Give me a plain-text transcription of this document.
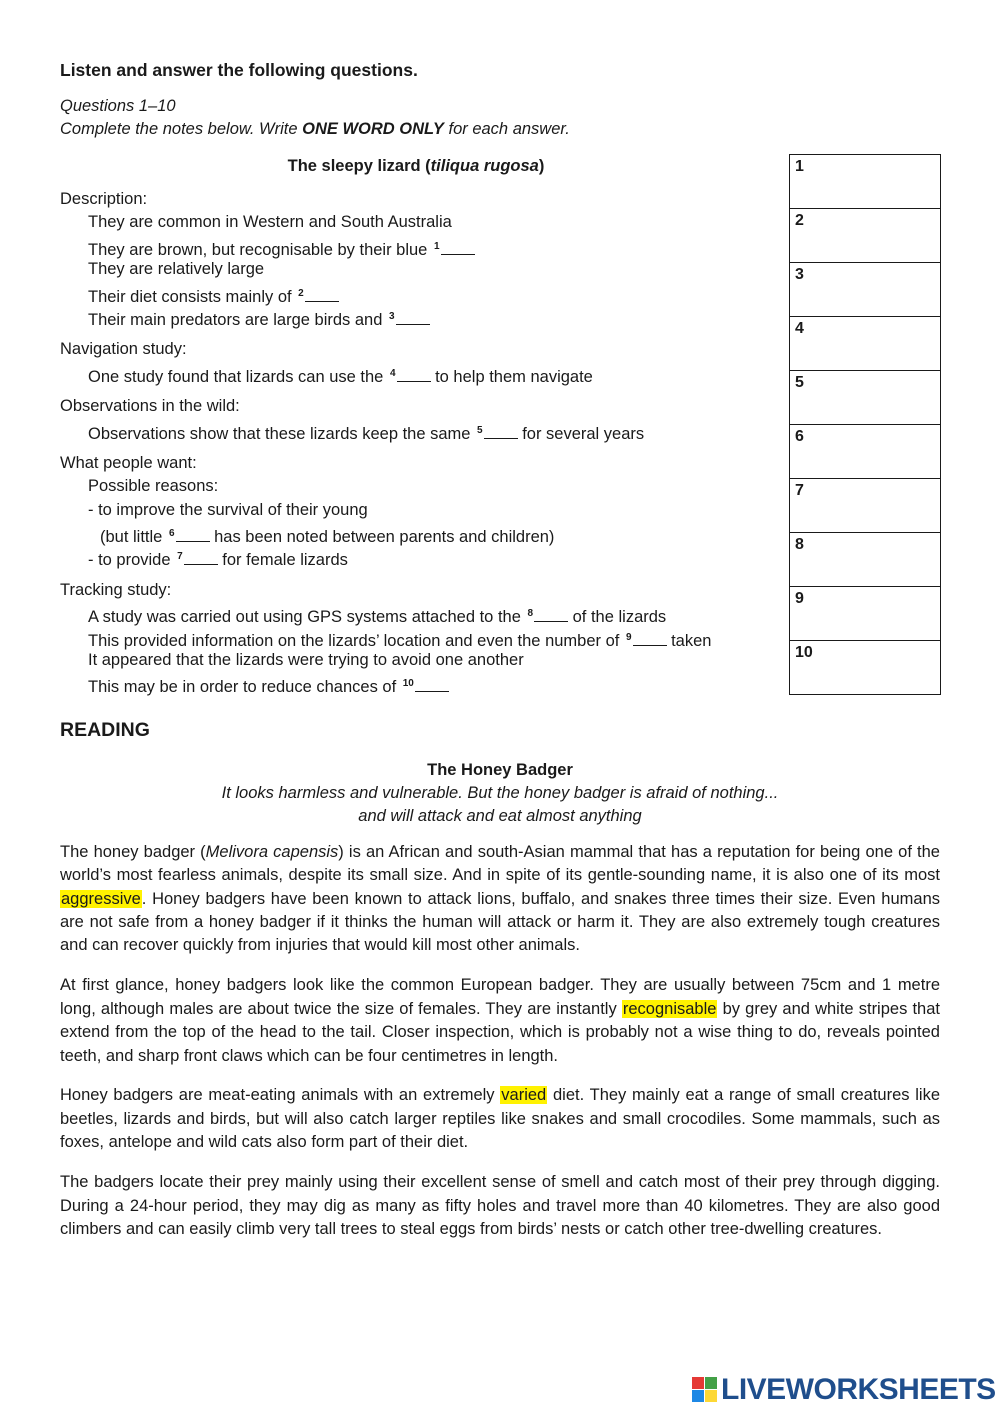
Listen and answer the following questions.
Questions 1–10
Complete the notes below. Write ONE WORD ONLY for each answer.
The sleepy lizard (tiliqua rugosa)
Description:
They are common in Western and South Australia
They are brown, but recognisable by their blue $^1$
They are relatively large
Their diet consists mainly of $^2$
Their main predators are large birds and $^3$
Navigation study:
One study found that lizards can use the $^4$ to help them navigate
Observations in the wild:
Observations show that these lizards keep the same $^5$ for several years
What people want:
Possible reasons:
- to improve the survival of their young
(but little $^6$ has been noted between parents and children)
- to provide $^7$ for female lizards
Tracking study:
A study was carried out using GPS systems attached to the $^8$ of the lizards
This provided information on the lizards’ location and even the number of $^9$ taken
It appeared that the lizards were trying to avoid one another
This may be in order to reduce chances of $^{10}$
1
2
3
4
5
6
7
8
9
10
READING
The Honey Badger
It looks harmless and vulnerable. But the honey badger is afraid of nothing...
and will attack and eat almost anything

The honey badger (Melivora capensis) is an African and south-Asian mammal that has a reputation for being one of the world’s most fearless animals, despite its small size. And in spite of its gentle-sounding name, it is also one of its most aggressive. Honey badgers have been known to attack lions, buffalo, and snakes three times their size. Even humans are not safe from a honey badger if it thinks the human will attack or harm it. They are also extremely tough creatures and can recover quickly from injuries that would kill most other animals.

At first glance, honey badgers look like the common European badger. They are usually between 75cm and 1 metre long, although males are about twice the size of females. They are instantly recognisable by grey and white stripes that extend from the top of the head to the tail. Closer inspection, which is probably not a wise thing to do, reveals pointed teeth, and sharp front claws which can be four centimetres in length.

Honey badgers are meat-eating animals with an extremely varied diet. They mainly eat a range of small creatures like beetles, lizards and birds, but will also catch larger reptiles like snakes and small crocodiles. Some mammals, such as foxes, antelope and wild cats also form part of their diet.

The badgers locate their prey mainly using their excellent sense of smell and catch most of their prey through digging. During a 24-hour period, they may dig as many as fifty holes and travel more than 40 kilometres. They are also good climbers and can easily climb very tall trees to steal eggs from birds’ nests or catch other tree-dwelling creatures.

LIVEWORKSHEETS
